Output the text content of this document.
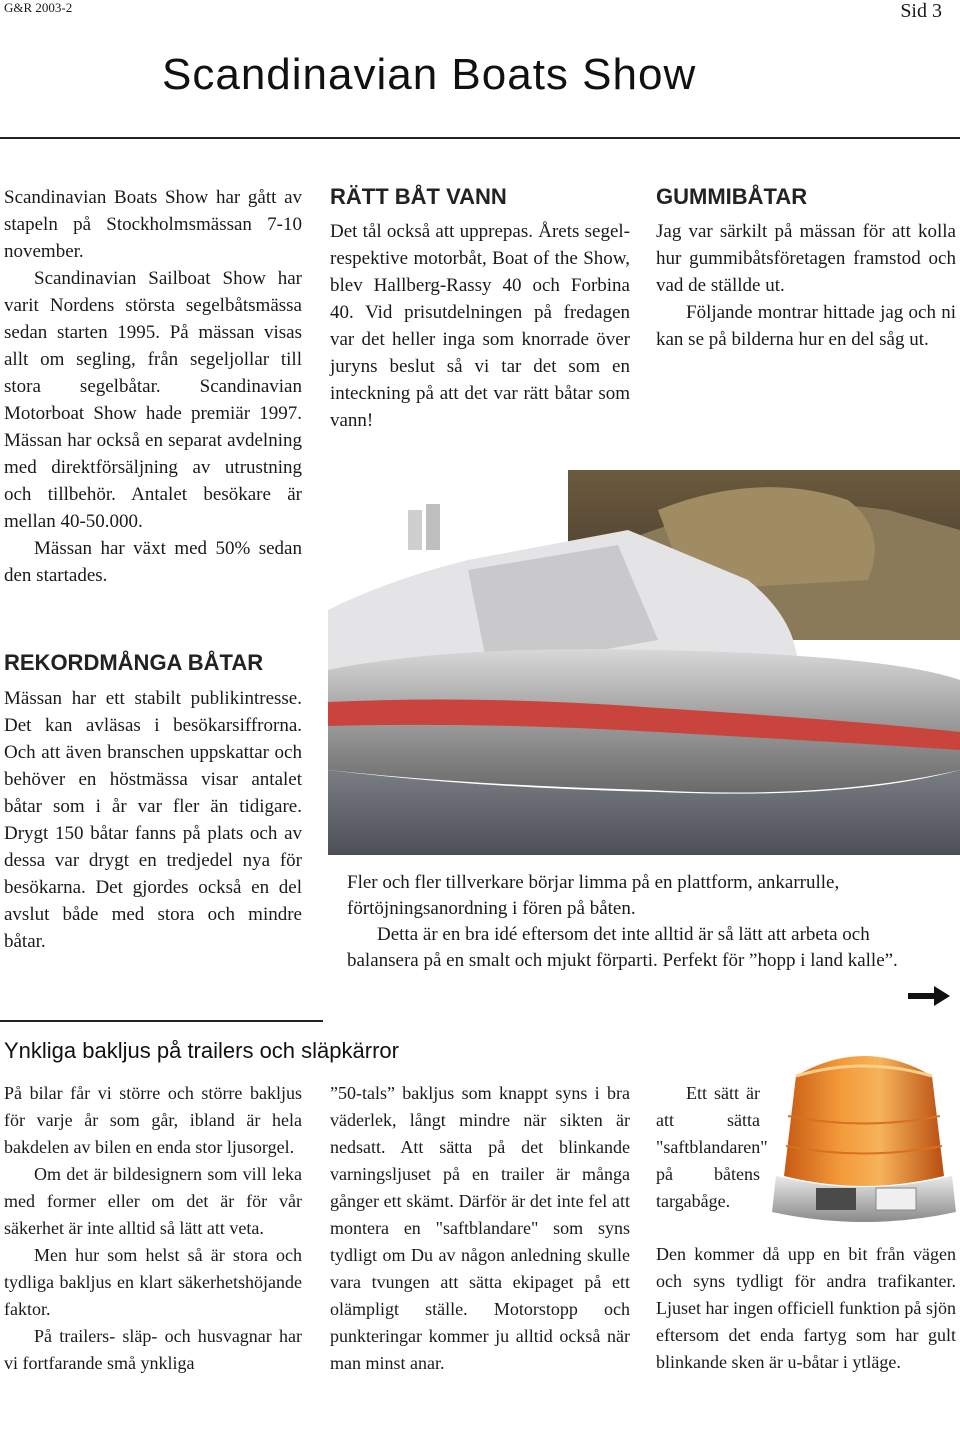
G&R 2003-2	Sid 3
Scandinavian Boats Show

Scandinavian Boats Show har gått av stapeln på Stockholmsmässan 7-10 november.

Scandinavian Sailboat Show har varit Nordens största segelbåtsmässa sedan starten 1995. På mässan visas allt om segling, från segeljollar till stora segelbåtar. Scandinavian Motorboat Show hade premiär 1997. Mässan har också en separat avdelning med direktförsäljning av utrustning och tillbehör. Antalet besökare är mellan 40-50.000.

Mässan har växt med 50% sedan den startades.

RÄTT BÅT VANN

Det tål också att upprepas. Årets segel- respektive motorbåt, Boat of the Show, blev Hallberg-Rassy 40 och Forbina 40. Vid prisutdelningen på fredagen var det heller inga som knorrade över juryns beslut så vi tar det som en inteckning på att det var rätt båtar som vann!

GUMMIBÅTAR

Jag var särkilt på mässan för att kolla hur gummibåtsföretagen framstod och vad de ställde ut.

Följande montrar hittade jag och ni kan se på bilderna hur en del såg ut.

REKORDMÅNGA BÅTAR

Mässan har ett stabilt publikintresse. Det kan avläsas i besökarsiffrorna. Och att även branschen uppskattar och behöver en höstmässa visar antalet båtar som i år var fler än tidigare. Drygt 150 båtar fanns på plats och av dessa var drygt en tredjedel nya för besökarna. Det gjordes också en del avslut både med stora och mindre båtar.

Fler och fler tillverkare börjar limma på en plattform, ankarrulle, förtöjningsanordning i fören på båten.

Detta är en bra idé eftersom det inte alltid är så lätt att arbeta och balansera på en smalt och mjukt förparti. Perfekt för ”hopp i land kalle”.

Ynkliga bakljus på trailers och släpkärror

På bilar får vi större och större bakljus för varje år som går, ibland är hela bakdelen av bilen en enda stor ljusorgel.

Om det är bildesignern som vill leka med former eller om det är för vår säkerhet är inte alltid så lätt att veta.

Men hur som helst så är stora och tydliga bakljus en klart säkerhetshöjande faktor.

På trailers- släp- och husvagnar har vi fortfarande små ynkliga

”50-tals” bakljus som knappt syns i bra väderlek, långt mindre när sikten är nedsatt. Att sätta på det blinkande varningsljuset på en trailer är många gånger ett skämt. Därför är det inte fel att montera en "saftblandare" som syns tydligt om Du av någon anledning skulle vara tvungen att sätta ekipaget på ett olämpligt ställe. Motorstopp och punkteringar kommer ju alltid också när man minst anar.

Ett sätt är att sätta "saftblandaren" på båtens targabåge.

Den kommer då upp en bit från vägen och syns tydligt för andra trafikanter. Ljuset har ingen officiell funktion på sjön eftersom det enda fartyg som har gult blinkande sken är u-båtar i ytläge.
